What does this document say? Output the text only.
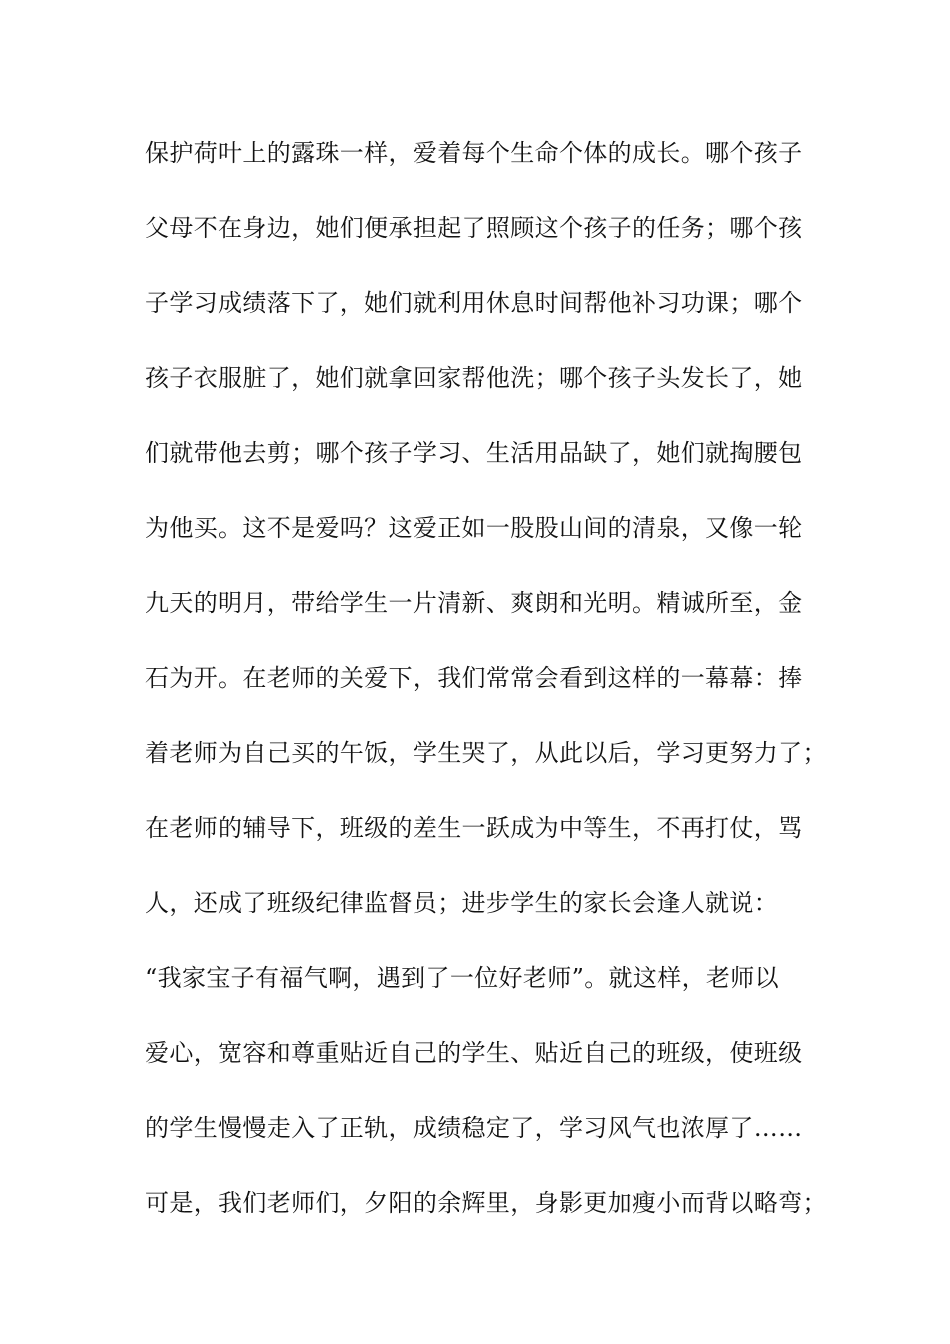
保护荷叶上的露珠一样，爱着每个生命个体的成长。哪个孩子
父母不在身边，她们便承担起了照顾这个孩子的任务；哪个孩
子学习成绩落下了，她们就利用休息时间帮他补习功课；哪个
孩子衣服脏了，她们就拿回家帮他洗；哪个孩子头发长了，她
们就带他去剪；哪个孩子学习、生活用品缺了，她们就掏腰包
为他买。这不是爱吗？这爱正如一股股山间的清泉，又像一轮
九天的明月，带给学生一片清新、爽朗和光明。精诚所至，金
石为开。在老师的关爱下，我们常常会看到这样的一幕幕：捧
着老师为自己买的午饭，学生哭了，从此以后，学习更努力了；
在老师的辅导下，班级的差生一跃成为中等生，不再打仗，骂
人，还成了班级纪律监督员；进步学生的家长会逢人就说：
“我家宝子有福气啊，遇到了一位好老师”。就这样，老师以
爱心，宽容和尊重贴近自己的学生、贴近自己的班级，使班级
的学生慢慢走入了正轨，成绩稳定了，学习风气也浓厚了……
可是，我们老师们，夕阳的余辉里，身影更加瘦小而背以略弯；
